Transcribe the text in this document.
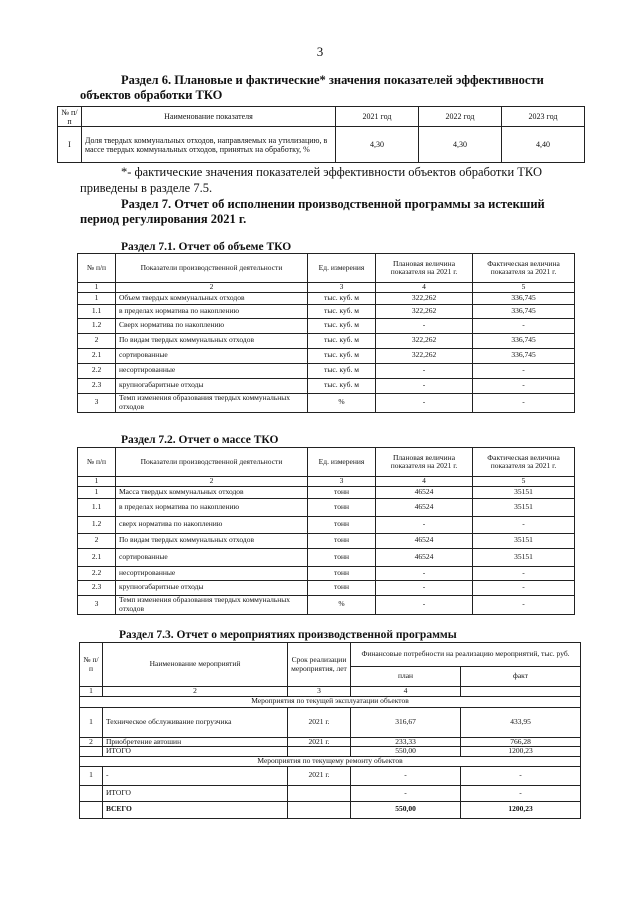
3
Раздел 6. Плановые и фактические* значения показателей эффективности
объектов обработки ТКО
№ п/п	Наименование показателя	2021 год	2022 год	2023 год
I	Доля твердых коммунальных отходов, направляемых на утилизацию, в массе твердых коммунальных отходов, принятых на обработку, %	4,30	4,30	4,40
*- фактические значения показателей эффективности объектов обработки ТКО
приведены в разделе 7.5.
Раздел 7. Отчет об исполнении производственной программы за истекший
период регулирования 2021 г.
Раздел 7.1. Отчет об объеме ТКО
№ п/п	Показатели производственной деятельности	Ед. измерения	Плановая величина показателя на 2021 г.	Фактическая величина показателя за 2021 г.
1	2	3	4	5
1	Объем твердых коммунальных отходов	тыс. куб. м	322,262	336,745
1.1	в пределах норматива по накоплению	тыс. куб. м	322,262	336,745
1.2	Сверх норматива по накоплению	тыс. куб. м	-	-
2	По видам твердых коммунальных отходов	тыс. куб. м	322,262	336,745
2.1	сортированные	тыс. куб. м	322,262	336,745
2.2	несортированные	тыс. куб. м	-	-
2.3	крупногабаритные отходы	тыс. куб. м	-	-
3	Темп изменения образования твердых коммунальных отходов	%	-	-
Раздел 7.2. Отчет о массе ТКО
№ п/п	Показатели производственной деятельности	Ед. измерения	Плановая величина показателя на 2021 г.	Фактическая величина показателя за 2021 г.
1	2	3	4	5
1	Масса твердых коммунальных отходов	тонн	46524	35151
1.1	в пределах норматива по накоплению	тонн	46524	35151
1.2	сверх норматива по накоплению	тонн	-	-
2	По видам твердых коммунальных отходов	тонн	46524	35151
2.1	сортированные	тонн	46524	35151
2.2	несортированные	тонн	-	-
2.3	крупногабаритные отходы	тонн	-	-
3	Темп изменения образования твердых коммунальных отходов	%	-	-
Раздел 7.3. Отчет о мероприятиях производственной программы
№ п/п	Наименование мероприятий	Срок реализации мероприятия, лет	Финансовые потребности на реализацию мероприятий, тыс. руб.	
			план	факт
1	2	3	4	
Мероприятия по текущей эксплуатации объектов				
1	Техническое обслуживание погрузчика	2021 г.	316,67	433,95
2	Приобретение автошин	2021 г.	233,33	766,28
	ИТОГО		550,00	1200,23
Мероприятия по текущему ремонту объектов				
1	-	2021 г.	-	-
	ИТОГО		-	-
	ВСЕГО		550,00	1200,23
